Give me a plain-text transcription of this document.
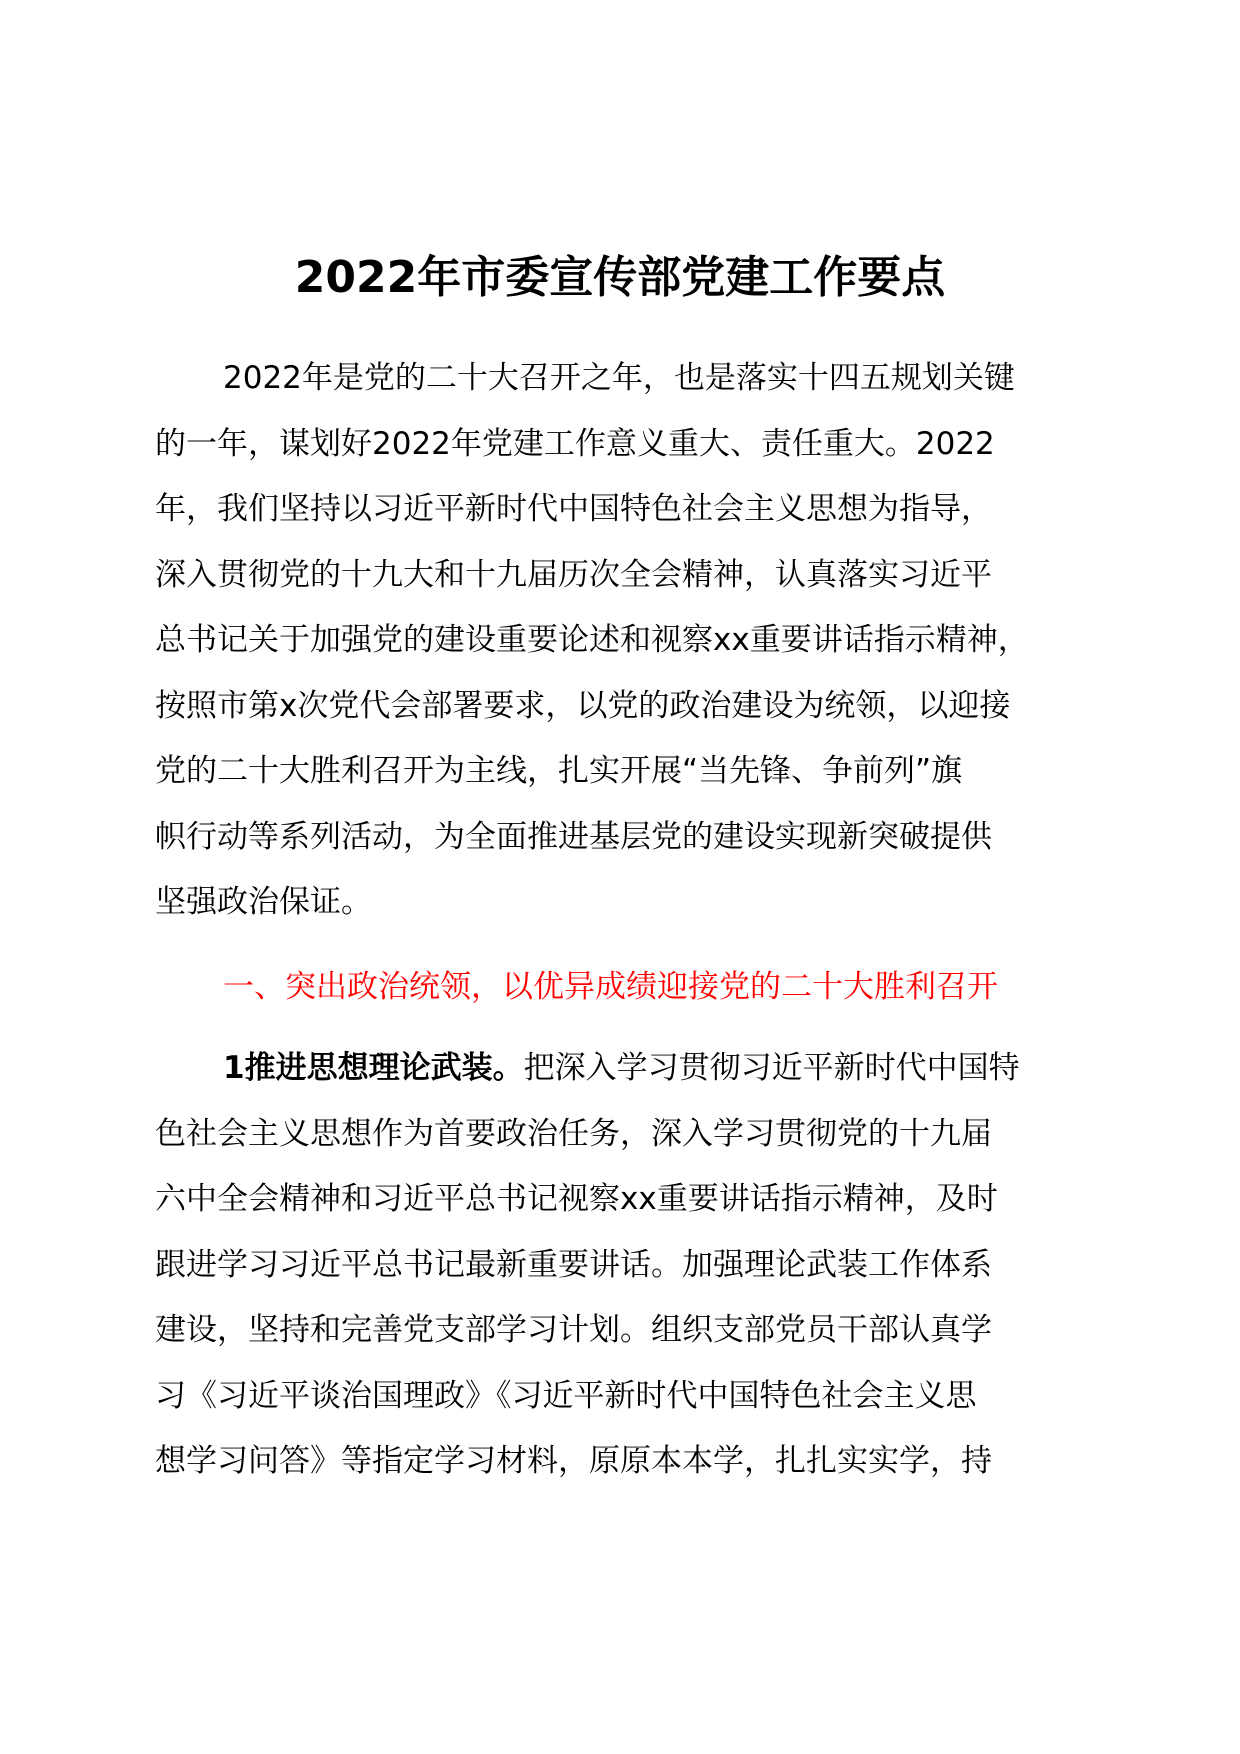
2022年市委宣传部党建工作要点
2022年是党的二十大召开之年，也是落实十四五规划关键
的一年，谋划好2022年党建工作意义重大、责任重大。2022
年，我们坚持以习近平新时代中国特色社会主义思想为指导，
深入贯彻党的十九大和十九届历次全会精神，认真落实习近平
总书记关于加强党的建设重要论述和视察xx重要讲话指示精神，
按照市第x次党代会部署要求，以党的政治建设为统领，以迎接
党的二十大胜利召开为主线，扎实开展“当先锋、争前列”旗
帜行动等系列活动，为全面推进基层党的建设实现新突破提供
坚强政治保证。
一、突出政治统领，以优异成绩迎接党的二十大胜利召开
1推进思想理论武装。把深入学习贯彻习近平新时代中国特
色社会主义思想作为首要政治任务，深入学习贯彻党的十九届
六中全会精神和习近平总书记视察xx重要讲话指示精神，及时
跟进学习习近平总书记最新重要讲话。加强理论武装工作体系
建设，坚持和完善党支部学习计划。组织支部党员干部认真学
习《习近平谈治国理政》《习近平新时代中国特色社会主义思
想学习问答》等指定学习材料，原原本本学，扎扎实实学，持
